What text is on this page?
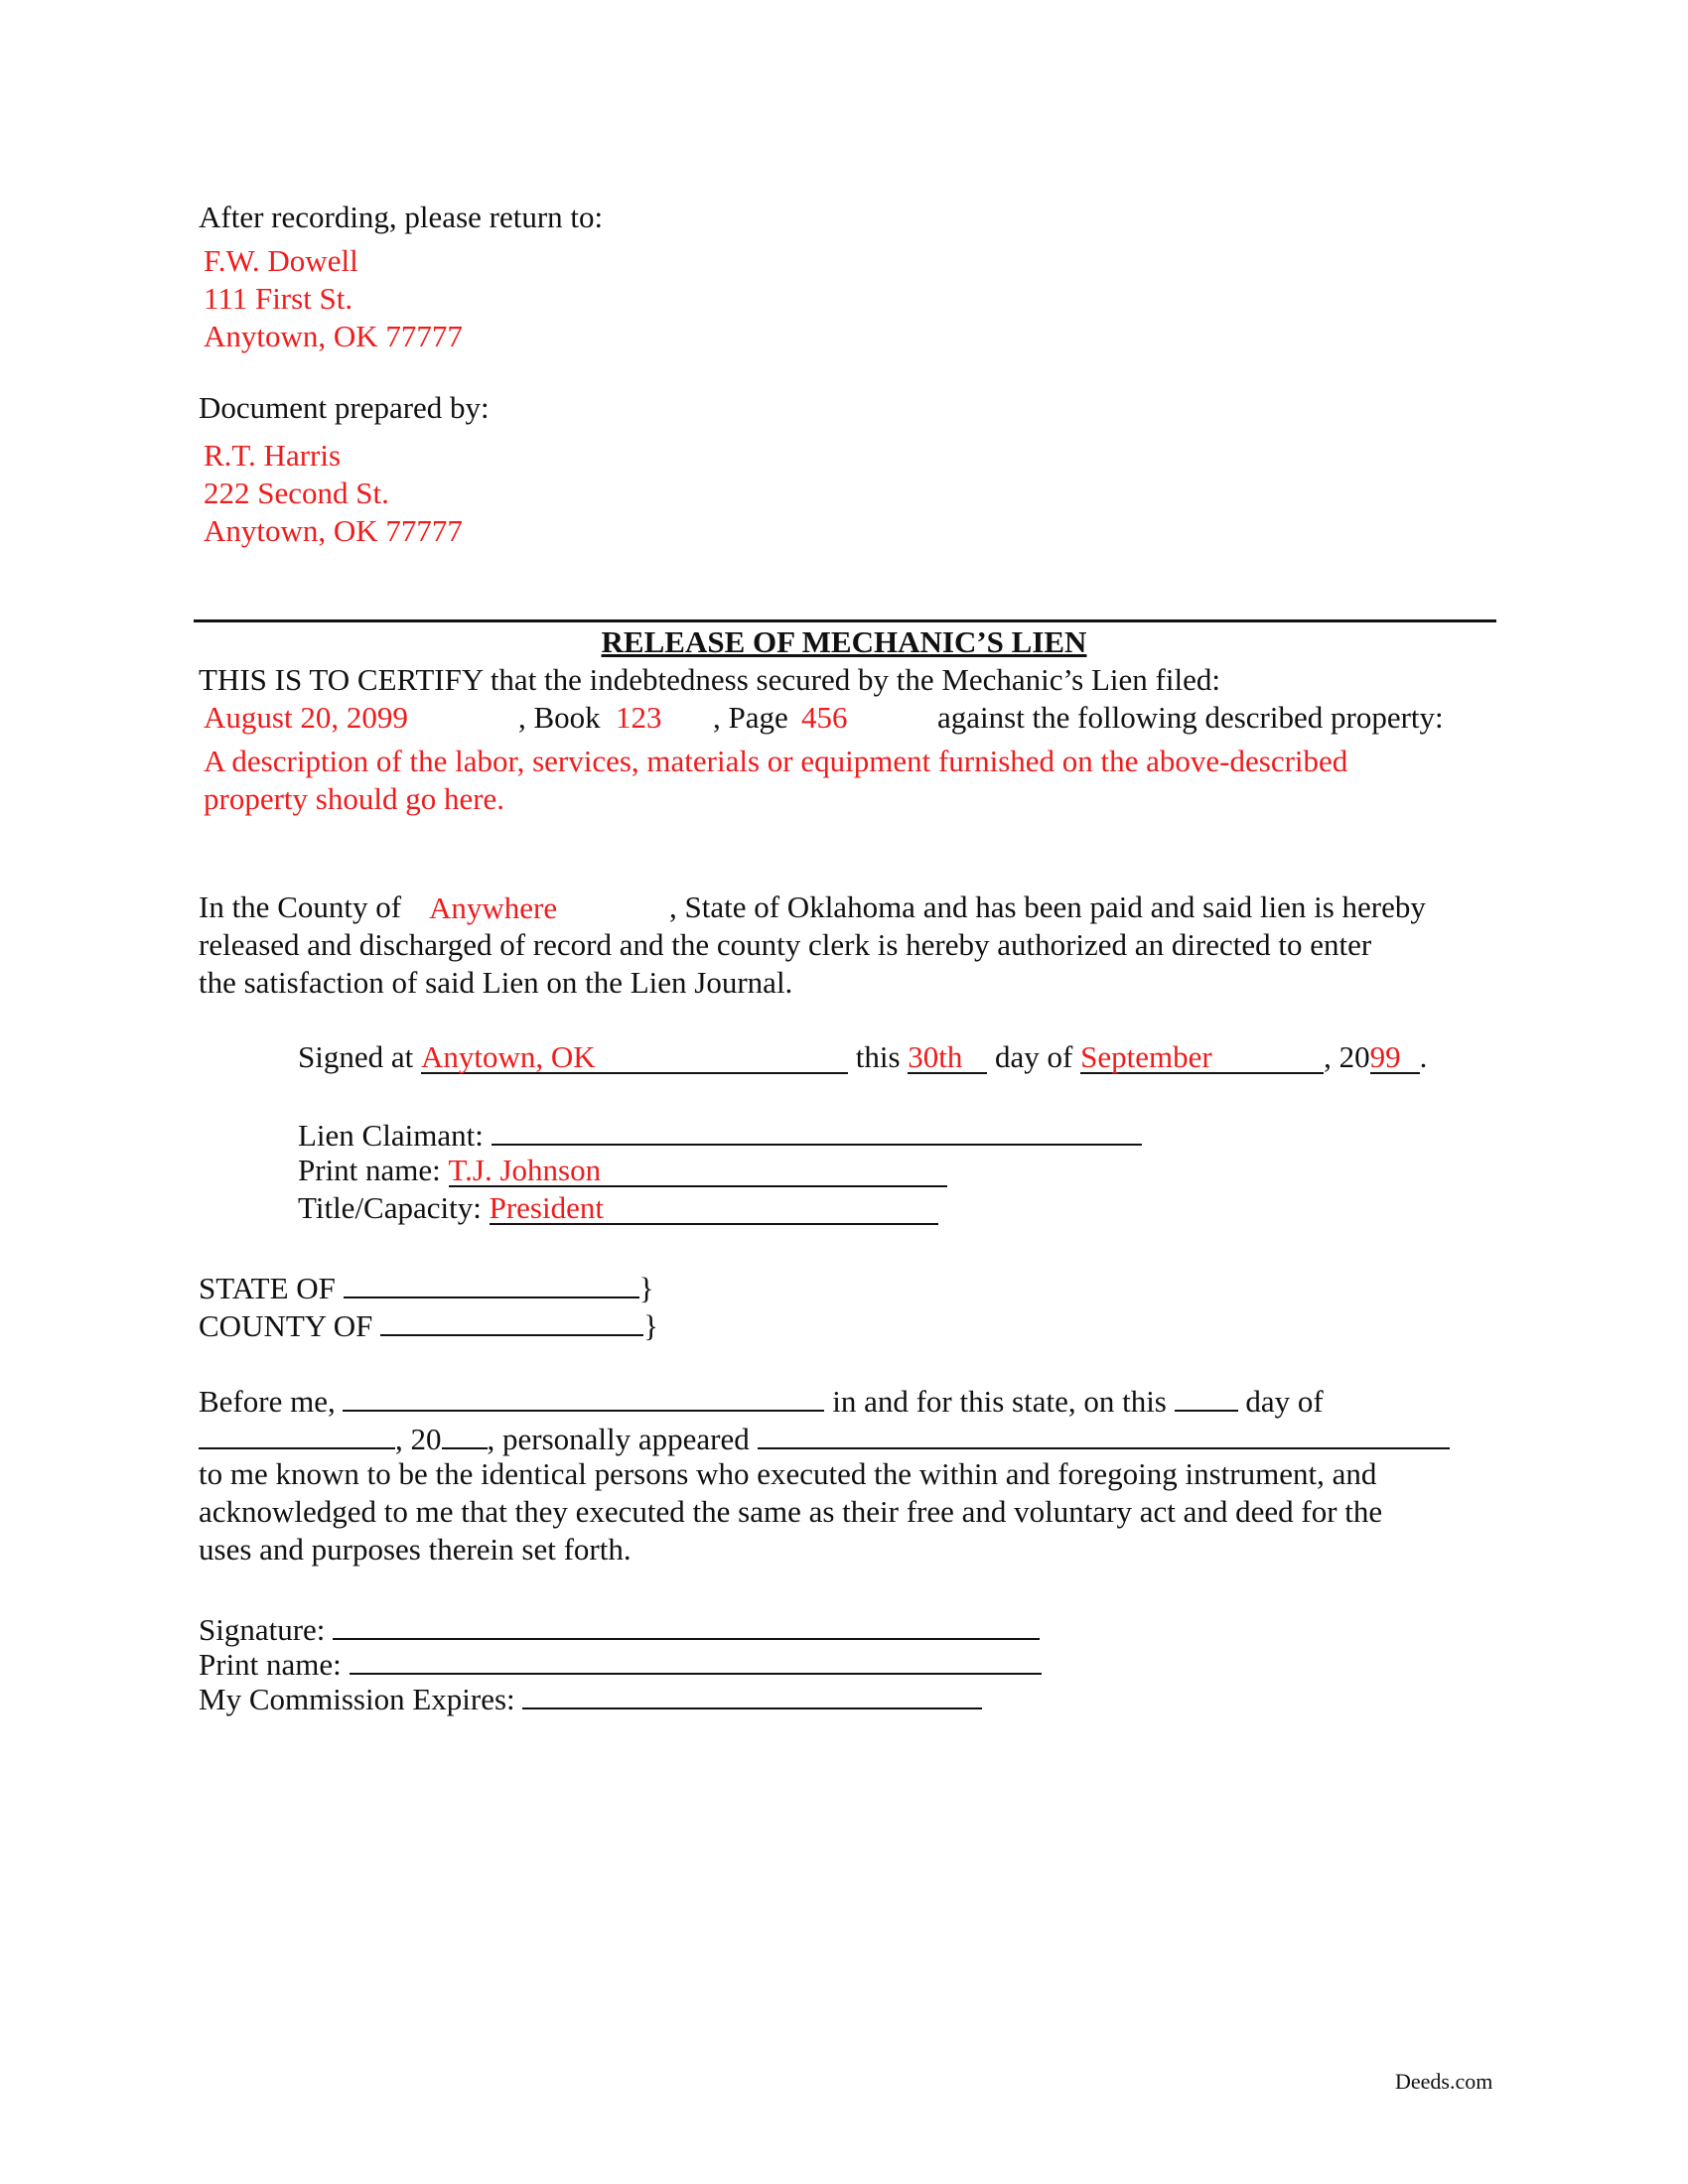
After recording, please return to:
F.W. Dowell
111 First St.
Anytown, OK 77777
Document prepared by:
R.T. Harris
222 Second St.
Anytown, OK 77777
RELEASE OF MECHANIC’S LIEN
THIS IS TO CERTIFY that the indebtedness secured by the Mechanic’s Lien filed:
August 20, 2099	, Book 123 , Page 456	against the following described property:
A description of the labor, services, materials or equipment furnished on the above-described property should go here.
In the County of Anywhere	, State of Oklahoma and has been paid and said lien is hereby
released and discharged of record and the county clerk is hereby authorized an directed to enter
the satisfaction of said Lien on the Lien Journal.
Signed at Anytown, OK	this 30th day of September	, 2099 .
Lien Claimant:
Print name: T.J. Johnson
Title/Capacity: President
STATE OF	}
COUNTY OF	}
Before me,	in and for this state, on this	day of
, 20 , personally appeared
to me known to be the identical persons who executed the within and foregoing instrument, and
acknowledged to me that they executed the same as their free and voluntary act and deed for the
uses and purposes therein set forth.
Signature:
Print name:
My Commission Expires:
Deeds.com
